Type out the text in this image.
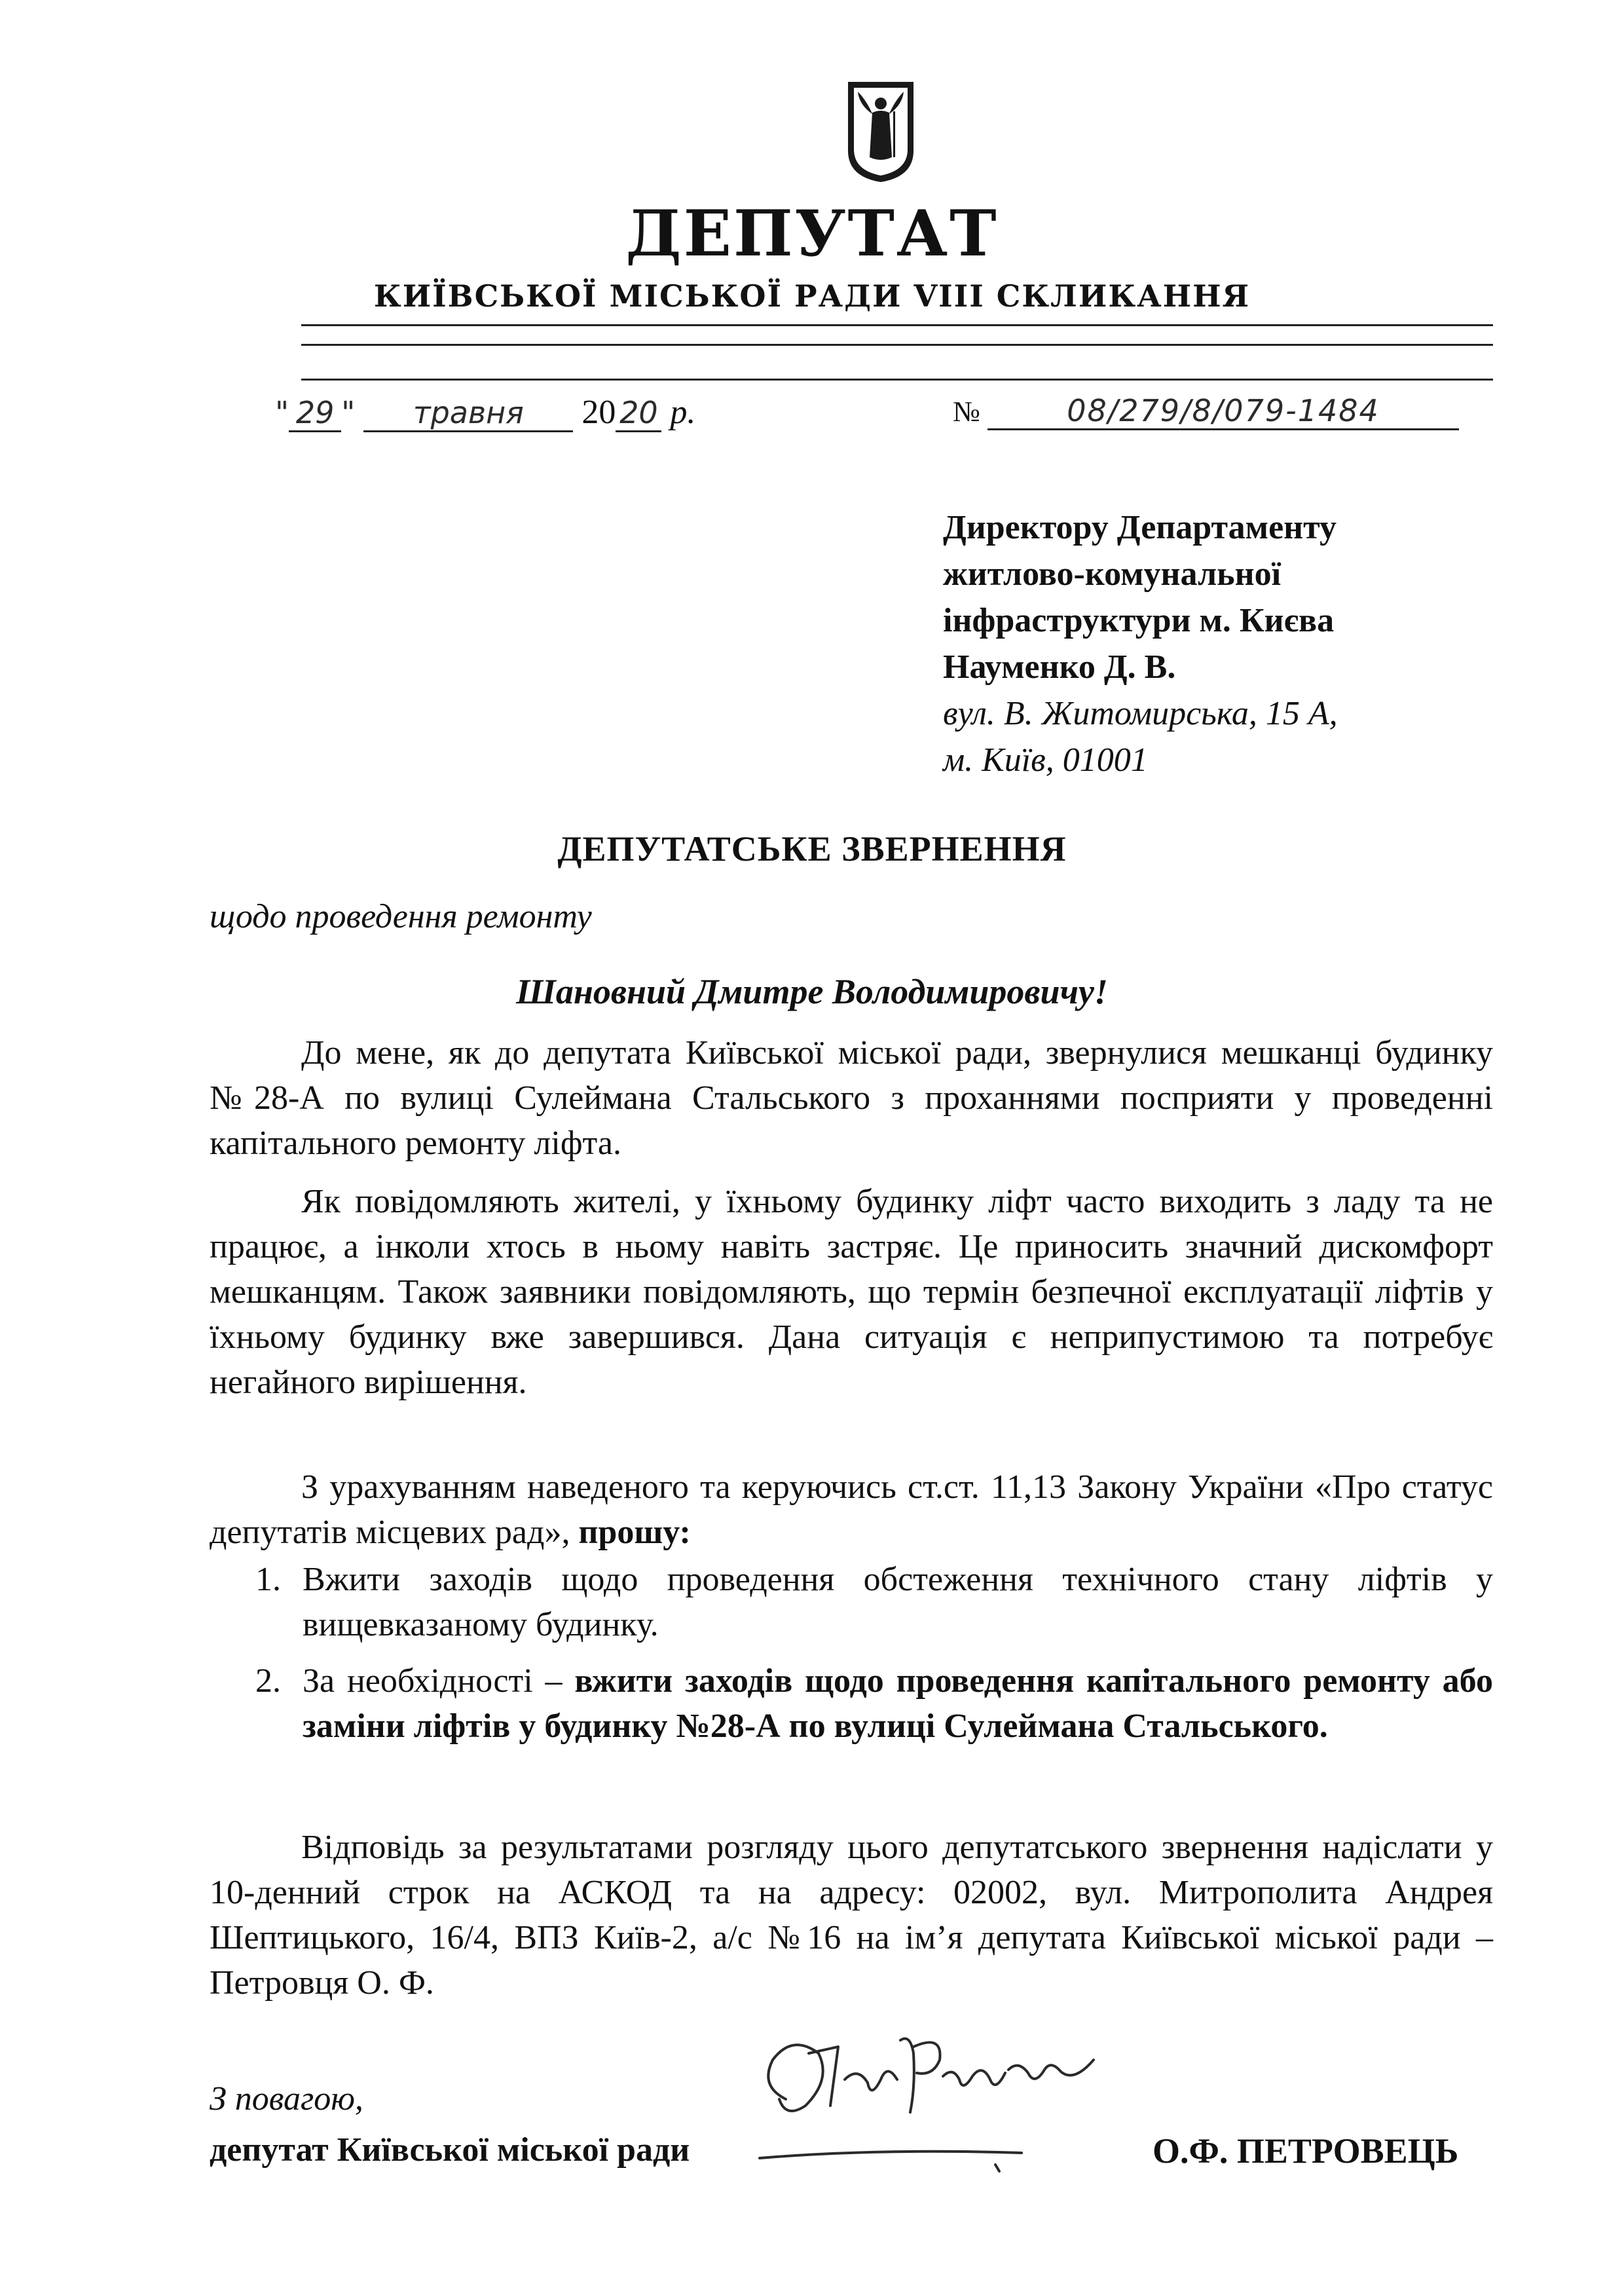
ДЕПУТАТ
КИЇВСЬКОЇ МІСЬКОЇ РАДИ VIII СКЛИКАННЯ
" 29 " травня 20 20 р.	№	08/279/8/079-1484
Директору Департаменту
житлово-комунальної
інфраструктури м. Києва
Науменко Д. В.
вул. В. Житомирська, 15 А,
м. Київ, 01001
ДЕПУТАТСЬКЕ ЗВЕРНЕННЯ
щодо проведення ремонту
Шановний Дмитре Володимировичу!

До мене, як до депутата Київської міської ради, звернулися мешканці будинку №28-А по вулиці Сулеймана Стальського з проханнями посприяти у проведенні капітального ремонту ліфта.

Як повідомляють жителі, у їхньому будинку ліфт часто виходить з ладу та не працює, а інколи хтось в ньому навіть застряє. Це приносить значний дискомфорт мешканцям. Також заявники повідомляють, що термін безпечної експлуатації ліфтів у їхньому будинку вже завершився. Дана ситуація є неприпустимою та потребує негайного вирішення.

З урахуванням наведеного та керуючись ст.ст. 11,13 Закону України «Про статус депутатів місцевих рад», прошу:

1. Вжити заходів щодо проведення обстеження технічного стану ліфтів у вищевказаному будинку.
2. За необхідності – вжити заходів щодо проведення капітального ремонту або заміни ліфтів у будинку №28-А по вулиці Сулеймана Стальського.

Відповідь за результатами розгляду цього депутатського звернення надіслати у 10-денний строк на АСКОД та на адресу: 02002, вул. Митрополита Андрея Шептицького, 16/4, ВПЗ Київ-2, а/с №16 на ім’я депутата Київської міської ради – Петровця О. Ф.

З повагою,
депутат Київської міської ради	О.Ф. ПЕТРОВЕЦЬ
